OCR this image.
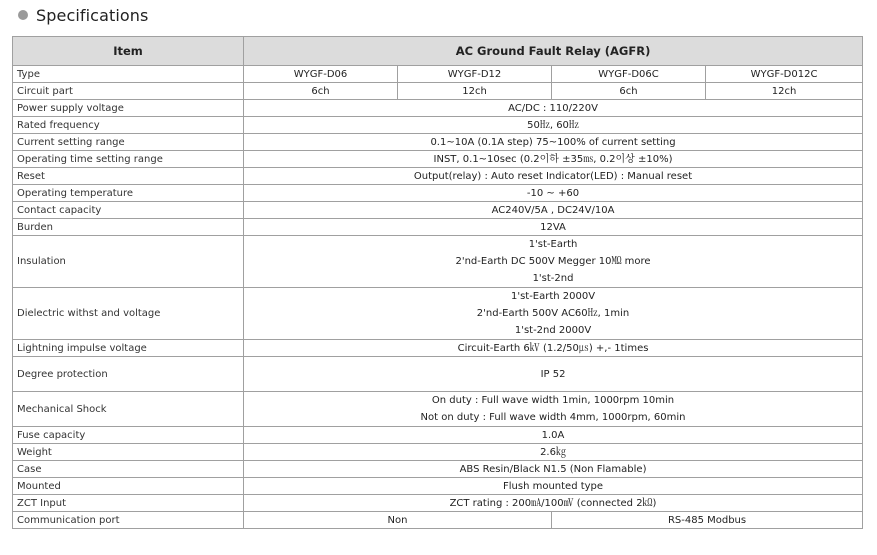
Specifications
Item	AC Ground Fault Relay (AGFR)			
Type	WYGF-D06	WYGF-D12	WYGF-D06C	WYGF-D012C
Circuit part	6ch	12ch	6ch	12ch
Power supply voltage	AC/DC : 110/220V			
Rated frequency	50㎐, 60㎐			
Current setting range	0.1~10A (0.1A step) 75~100% of current setting			
Operating time setting range	INST, 0.1~10sec (0.2이하 ±35㎳, 0.2이상 ±10%)			
Reset	Output(relay) : Auto reset Indicator(LED) : Manual reset			
Operating temperature	-10 ~ +60			
Contact capacity	AC240V/5A , DC24V/10A			
Burden	12VA			
Insulation	1'st-Earth
2'nd-Earth DC 500V Megger 10㏁ more
1'st-2nd			

Dielectric withst and voltage	1'st-Earth 2000V
2'nd-Earth 500V AC60㎐, 1min
1'st-2nd 2000V			

Lightning impulse voltage	Circuit-Earth 6㎸ (1.2/50㎲) +,- 1times			
Degree protection	IP 52			
Mechanical Shock	On duty : Full wave width 1min, 1000rpm 10min
Not on duty : Full wave width 4mm, 1000rpm, 60min			

Fuse capacity	1.0A			
Weight	2.6㎏			
Case	ABS Resin/Black N1.5 (Non Flamable)			
Mounted	Flush mounted type			
ZCT Input	ZCT rating : 200㎃/100㎷ (connected 2㏀)			
Communication port	Non		RS-485 Modbus	
